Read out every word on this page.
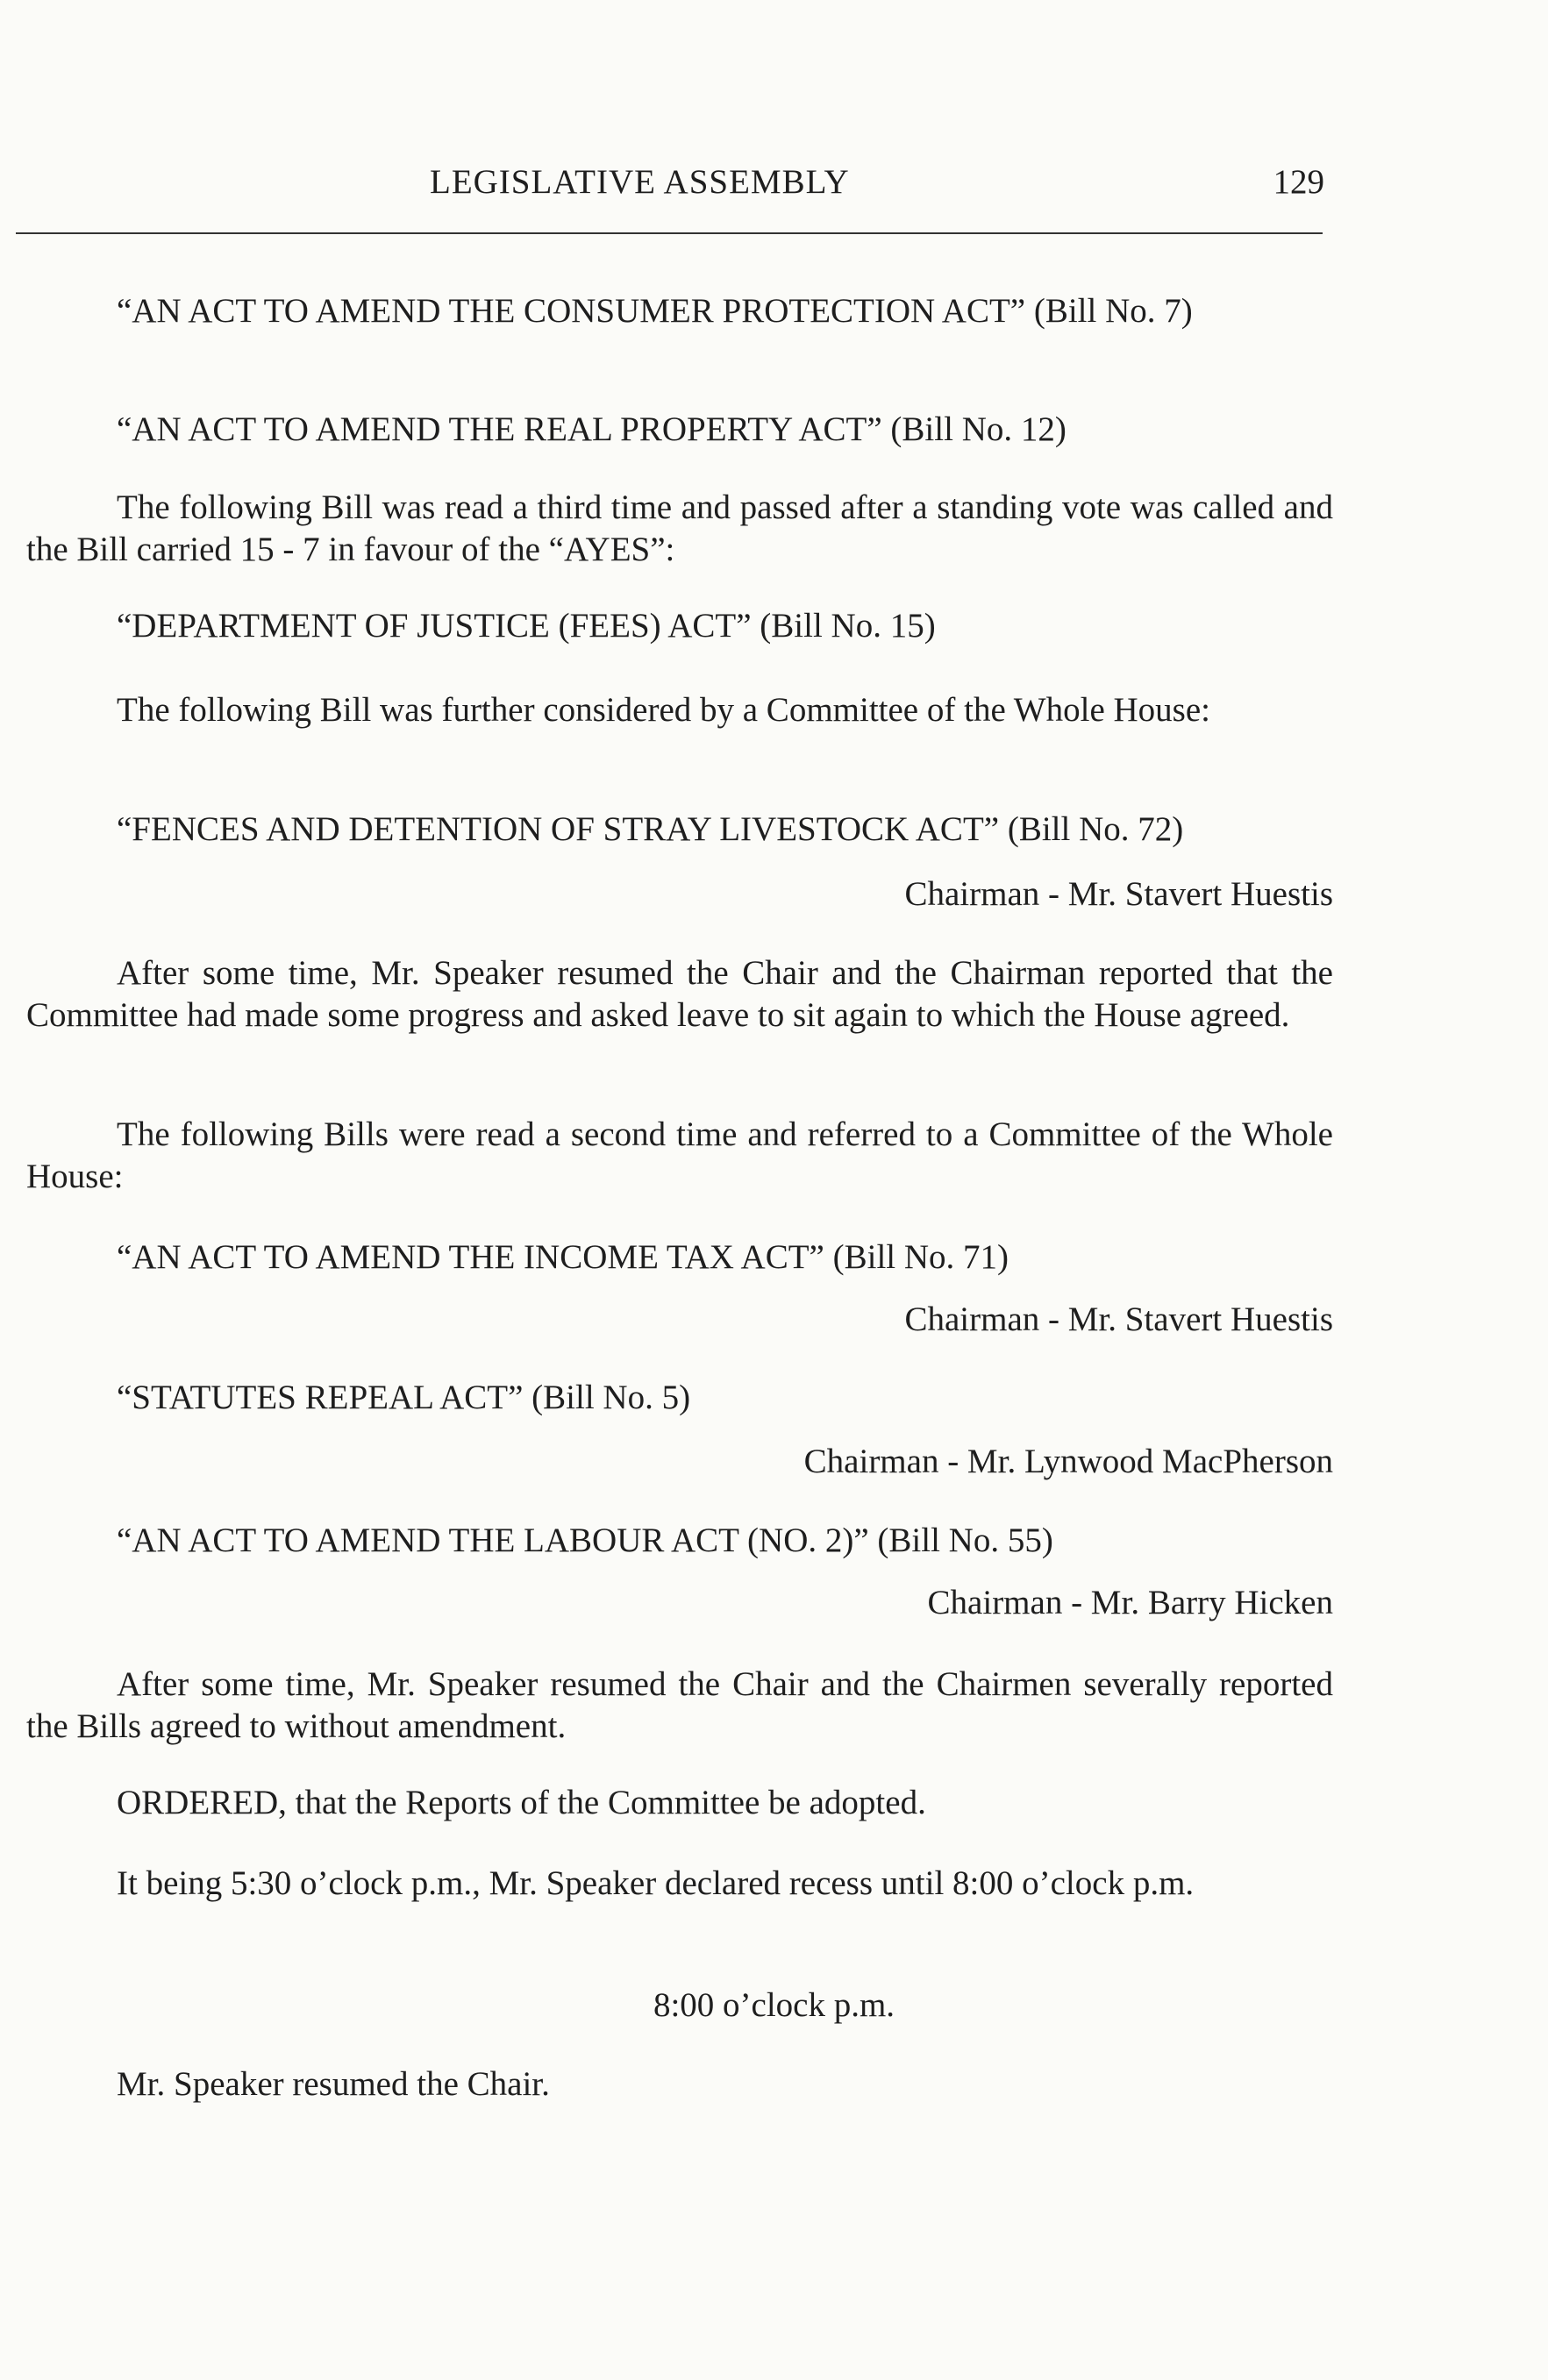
LEGISLATIVE ASSEMBLY	129

“AN ACT TO AMEND THE CONSUMER PROTECTION ACT” (Bill No. 7)

“AN ACT TO AMEND THE REAL PROPERTY ACT” (Bill No. 12)

The following Bill was read a third time and passed after a standing vote was called and the Bill carried 15 - 7 in favour of the “AYES”:

“DEPARTMENT OF JUSTICE (FEES) ACT” (Bill No. 15)

The following Bill was further considered by a Committee of the Whole House:

“FENCES AND DETENTION OF STRAY LIVESTOCK ACT” (Bill No. 72)

Chairman - Mr. Stavert Huestis

After some time, Mr. Speaker resumed the Chair and the Chairman reported that the Committee had made some progress and asked leave to sit again to which the House agreed.

The following Bills were read a second time and referred to a Committee of the Whole House:

“AN ACT TO AMEND THE INCOME TAX ACT” (Bill No. 71)

Chairman - Mr. Stavert Huestis

“STATUTES REPEAL ACT” (Bill No. 5)

Chairman - Mr. Lynwood MacPherson

“AN ACT TO AMEND THE LABOUR ACT (NO. 2)” (Bill No. 55)

Chairman - Mr. Barry Hicken

After some time, Mr. Speaker resumed the Chair and the Chairmen severally reported the Bills agreed to without amendment.

ORDERED, that the Reports of the Committee be adopted.

It being 5:30 o’clock p.m., Mr. Speaker declared recess until 8:00 o’clock p.m.

8:00 o’clock p.m.

Mr. Speaker resumed the Chair.
